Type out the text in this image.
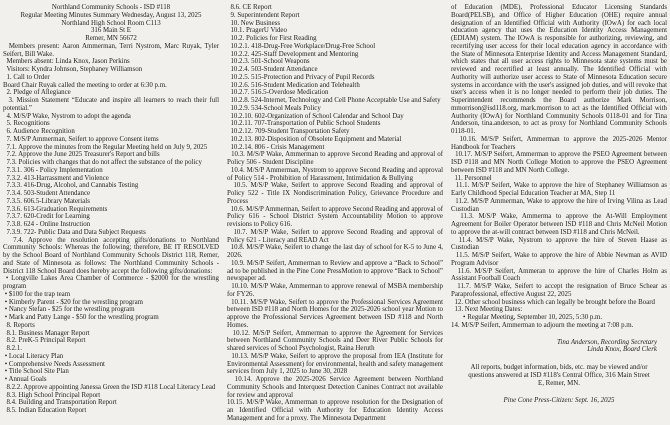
Northland Community Schools - ISD #118

Regular Meeting Minutes Summary Wednesday, August 13, 2025

Northland High School Room C113

316 Main St E

Remer, MN 56672

Members present: Aaron Ammerman, Terri Nystrom, Marc Ruyak, Tyler Seifert, Bill Wake.

Members absent: Linda Knox, Jason Perkins

Visitors: Kyndra Johnson, Stephaney Williamson

1. Call to Order

Board Chair Ruyak called the meeting to order at 6:30 p.m.

2. Pledge of Allegiance

3. Mission Statement “Educate and inspire all learners to reach their full potential.”

4. M/S/P Wake, Nystrom to adopt the agenda

5. Recognitions

6. Audience Recognition

7. M/S/P Ammerman, Seifert to approve Consent items

7.1. Approve the minutes from the Regular Meeting held on July 9, 2025

7.2. Approve the June 2025 Treasurer's Report and bills

7.3. Policies with changes that do not affect the substance of the policy

7.3.1. 306 - Policy Implementation

7.3.2. 413-Harrassment and Violence

7.3.3. 416-Drug, Alcohol, and Cannabis Testing

7.3.4. 503-Student Attendance

7.3.5. 606.5-Library Materials

7.3.6. 613-Graduation Requirements

7.3.7. 620-Credit for Learning

7.3.8. 624 - Online Instruction

7.3.9. 722- Public Data and Data Subject Requests

7.4. Approve the resolution accepting gifts/donations to Northland Community Schools: Whereas the following; therefore, BE IT RESOLVED by the School Board of Northland Community Schools District 118, Remer, and State of Minnesota as follows: The Northland Community Schools - District 118 School Board does hereby accept the following gifts/donations:

• Longville Lakes Area Chamber of Commerce - $2000 for the wrestling program

• $100 for the trap team

• Kimberly Parent - $20 for the wrestling program

• Nancy Stefan - $25 for the wrestling program

• Mark and Patty Lange - $50 for the wrestling program

8. Reports

8.1. Business Manager Report

8.2. PreK-5 Principal Report

8.2.1.

• Local Literacy Plan

• Comprehensive Needs Assessment

• Title School Site Plan

• Annual Goals

8.2.2. Approve appointing Janessa Green the ISD #118 Local Literacy Lead

8.3. High School Principal Report

8.4. Building and Transportation Report

8.5. Indian Education Report

8.6. CE Report

9. Superintendent Report

10. New Business

10.1. PragerU Video

10.2. Policies for First Reading

10.2.1. 418-Drug-Free Workplace/Drug-Free School

10.2.2. 425-Staff Development and Mentoring

10.2.3. 501-School Weapons

10.2.4. 503-Student Attendance

10.2.5. 515-Protection and Privacy of Pupil Records

10.2.6. 516-Student Medication and Telehealth

10.2.7. 516.5-Overdose Medication

10.2.8. 524-Internet, Technology and Cell Phone Acceptable Use and Safety

10.2.9. 534-School Meals Policy

10.2.10. 602-Organization of School Calendar and School Day

10.2.11. 707-Transportation of Public School Students

10.2.12. 709-Student Transportation Safety

10.2.13. 802-Disposition of Obsolete Equipment and Material

10.2.14. 806 - Crisis Management

10.3. M/S/P Wake, Ammerman to approve Second Reading and approval of Policy 506 - Student Discipline

10.4. M/S/P Ammerman, Nystrom to approve Second Reading and approval of Policy 514 - Prohibition of Harassment, Intimidation & Bullying

10.5. M/S/P Wake, Seifert to approve Second Reading and approval of Policy 522 - Title IX Nondiscrimination Policy, Grievance Procedure and Process

10.6. M/S/P Ammerman, Seifert to approve Second Reading and approval of Policy 616 - School District System Accountability Motion to approve revisions to Policy 616.

10.7. M/S/P Wake, Seifert to approve Second Reading and approval of Policy 621 - Literacy and READ Act

10.8. M/S/P Wake, Seifert to change the last day of school for K-5 to June 4, 2026.

10.9. M/S/P Seifert, Ammerman to Review and approve a “Back to School” ad to be published in the Pine Cone PressMotion to approve “Back to School” newspaper ad.

10.10. M/S/P Wake, Ammerman to approve renewal of MSBA membership for FY26.

10.11. M/S/P Wake, Seifert to approve the Professional Services Agreement between ISD #118 and North Homes for the 2025-2026 school year Motion to approve the Professional Services Agreement between ISD #118 and North Homes.

10.12. M/S/P Seifert, Ammerman to approve the Agreement for Services between Northland Community Schools and Deer River Public Schools for shared services of School Psychologist, Raina Heruth

10.13. M/S/P Wake, Seifert to approve the proposal from IEA (Institute for Environmental Assessment) for environmental, health and safety management services from July 1, 2025 to June 30, 2028

10.14. Approve the 2025-2026 Service Agreement between Northland Community Schools and Interquest Detection Canines Contract not available for review and approval

10.15. M/S/P Wake, Ammerman to approve resolution for the Designation of an Identified Official with Authority for Education Identity Access Management and for a proxy. The Minnesota Department

of Education (MDE), Professional Educator Licensing Standards Board(PELSB), and Office of Higher Education (OHE) require annual designation of an Identified Official with Authority (IOwA) for each local education agency that uses the Education Identity Access Management (EDIAM) system. The IOwA is responsible for authorizing, reviewing, and recertifying user access for their local education agency in accordance with the State of Minnesota Enterprise Identity and Access Management Standard, which states that all user access rights to Minnesota state systems must be reviewed and recertified at least annually. The Identified Official with Authority will authorize user access to State of Minnesota Education secure systems in accordance with the user's assigned job duties, and will revoke that user's access when it is no longer needed to perform their job duties. The Superintendent recommends the Board authorize Mark Morrison, mmorrison@isd118.org, mark.morrison to act as the Identified Official with Authority (IOwA) for Northland Community Schools 0118-01 and for Tina Anderson, tina.anderson, to act as proxy for Northland Community Schools 0118-01.

10.16. M/S/P Seifert, Ammerman to approve the 2025-2026 Mentor Handbook for Teachers

10.17. M/S/P Seifert, Ammerman to approve the PSEO Agreement between ISD #118 and MN North College Motion to approve the PSEO Agreement between ISD #118 and MN North College.

11. Personnel

11.1. M/S/P Seifert, Wake to approve the hire of Stephaney Williamson as Early Childhood Special Education Teacher at MA, Step 11

11.2. M/S/P Ammerman, Wake to approve the hire of Irving Vilina as Lead Custodian

11.3. M/S/P Wake, Ammerma to approve the At-Will Employment Agreement for Boiler Operator between ISD #118 and Chris McNeil Motion to approve the at-will contract between ISD #118 and Chris McNeil.

11.4. M/S/P Wake, Nystrom to approve the hire of Steven Haase as Custodian

11.5. M/S/P Seifert, Wake to approve the hire of Abbie Newman as AVID Program Advisor

11.6. M/S/P Seifert, Ammeran to approve the hire of Charles Holm as Assistant Football Coach

11.7. M/S/P Wake, Seifert to accept the resignation of Bruce Schear as Paraprofessional, effective August 22, 2025

12. Other school business which can legally be brought before the Board

13. Next Meeting Dates:

• Regular Meeting, September 10, 2025, 5:30 p.m.

14. M/S/P Seifert, Ammerman to adjourn the meeting at 7:08 p.m.

Tina Anderson, Recording Secretary

Linda Knox, Board Clerk

All reports, budget information, bids, etc. may be viewed and/or questions answered at ISD #118's Central Office, 316 Main Street E, Remer, MN.

Pine Cone Press-Citizen: Sept. 16, 2025
